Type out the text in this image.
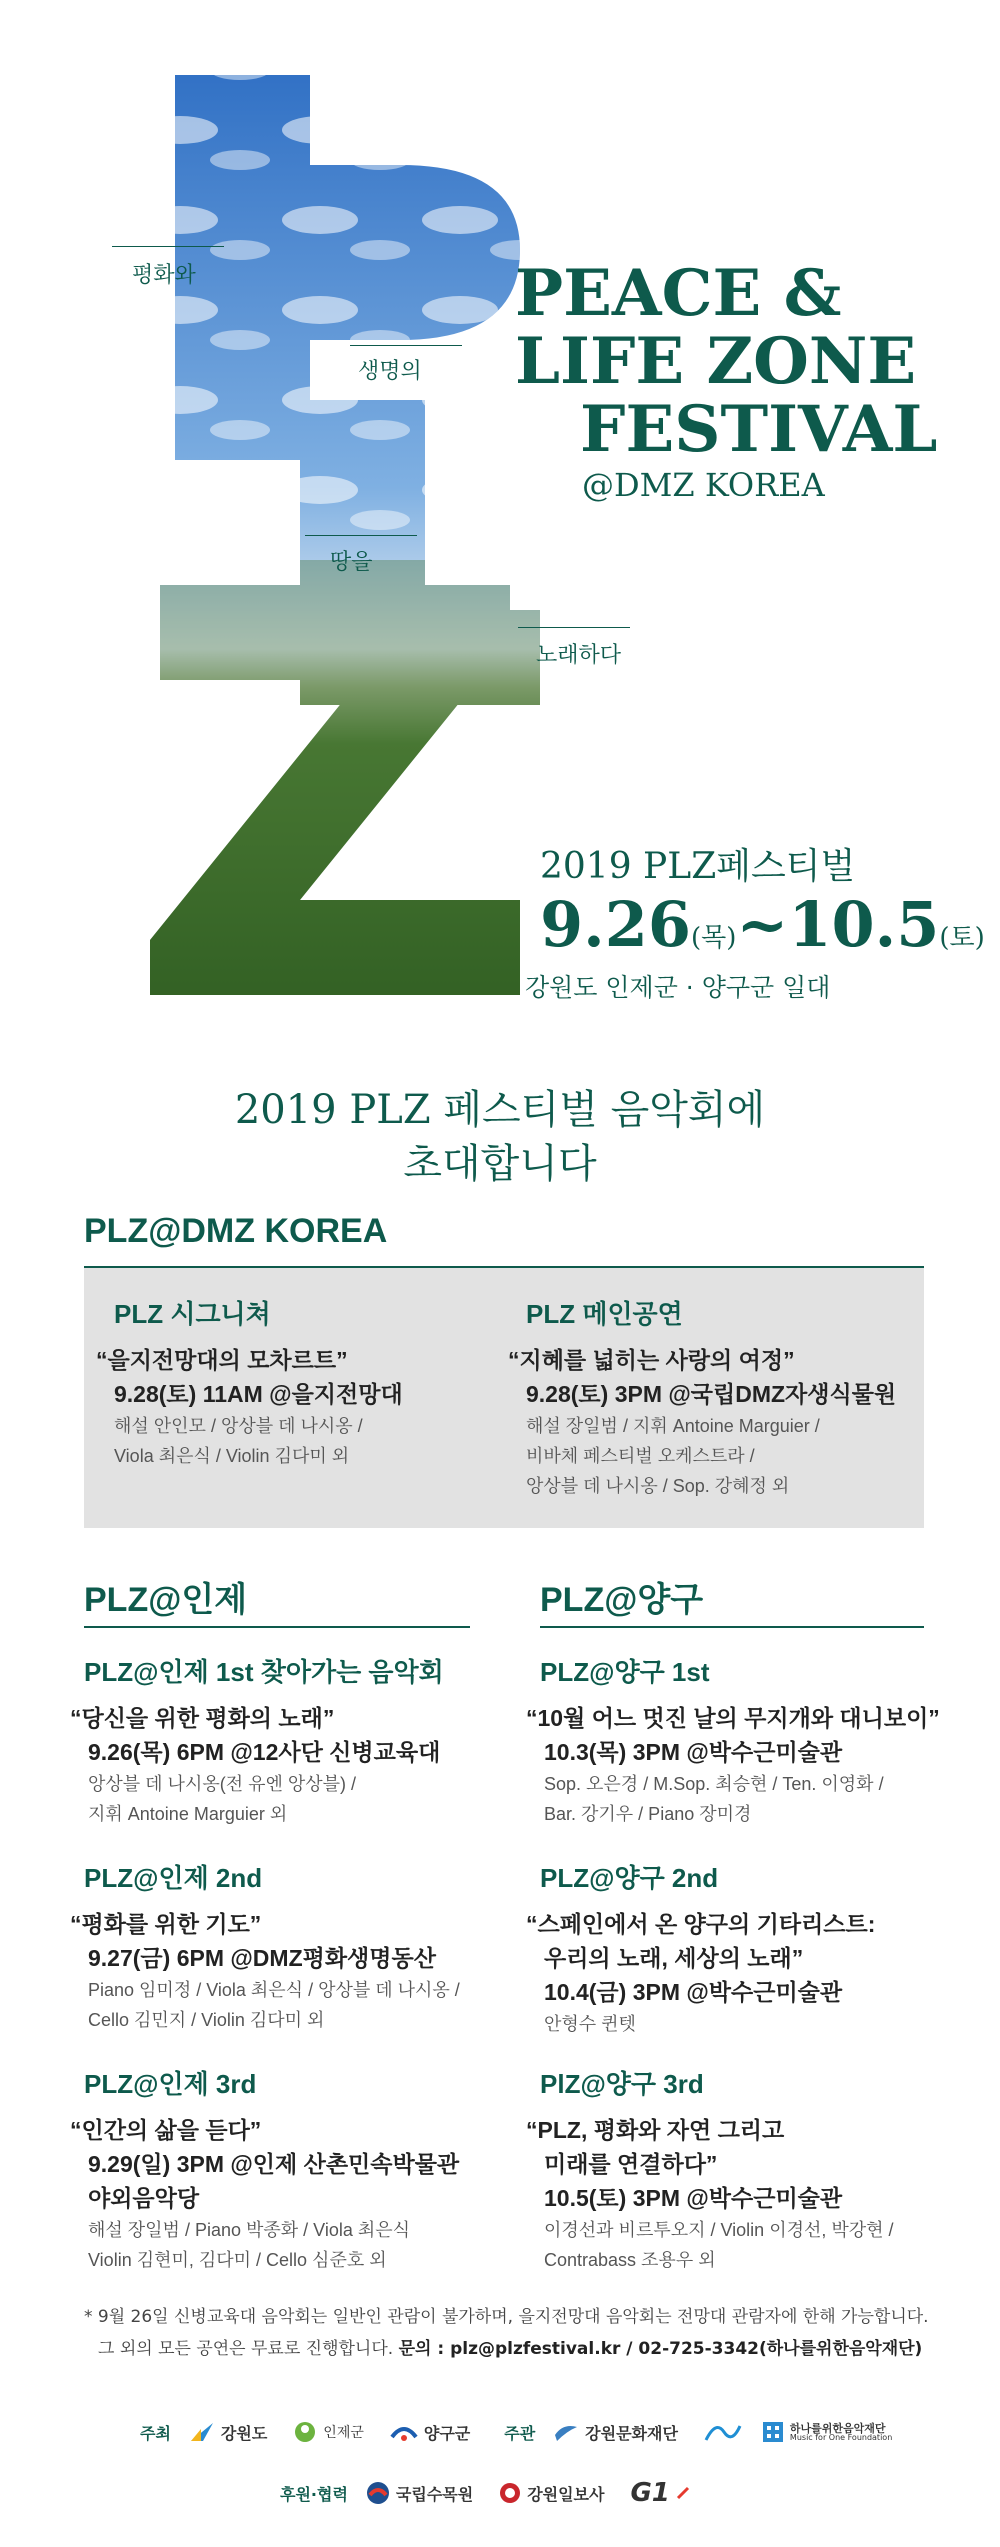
평화와
생명의
땅을
노래하다
PEACE &
LIFE ZONE
FESTIVAL
@DMZ KOREA
2019 PLZ페스티벌
9.26(목)~10.5(토)
강원도 인제군 · 양구군 일대
2019 PLZ 페스티벌 음악회에
초대합니다
PLZ@DMZ KOREA
PLZ 시그니쳐
“을지전망대의 모차르트”
9.28(토) 11AM @을지전망대
해설 안인모 / 앙상블 데 나시옹 /
Viola 최은식 / Violin 김다미 외
PLZ 메인공연
“지혜를 넓히는 사랑의 여정”
9.28(토) 3PM @국립DMZ자생식물원
해설 장일범 / 지휘 Antoine Marguier /
비바체 페스티벌 오케스트라 /
앙상블 데 나시옹 / Sop. 강혜정 외
PLZ@인제	PLZ@양구
PLZ@인제 1st 찾아가는 음악회
“당신을 위한 평화의 노래”
9.26(목) 6PM @12사단 신병교육대
앙상블 데 나시옹(전 유엔 앙상블) /
지휘 Antoine Marguier 외
PLZ@인제 2nd
“평화를 위한 기도”
9.27(금) 6PM @DMZ평화생명동산
Piano 임미정 / Viola 최은식 / 앙상블 데 나시옹 /
Cello 김민지 / Violin 김다미 외
PLZ@인제 3rd
“인간의 삶을 듣다”
9.29(일) 3PM @인제 산촌민속박물관
야외음악당
해설 장일범 / Piano 박종화 / Viola 최은식
Violin 김현미, 김다미 / Cello 심준호 외
PLZ@양구 1st
“10월 어느 멋진 날의 무지개와 대니보이”
10.3(목) 3PM @박수근미술관
Sop. 오은경 / M.Sop. 최승현 / Ten. 이영화 /
Bar. 강기우 / Piano 장미경
PLZ@양구 2nd
“스페인에서 온 양구의 기타리스트:
우리의 노래, 세상의 노래”
10.4(금) 3PM @박수근미술관
안형수 퀸텟
PlZ@양구 3rd
“PLZ, 평화와 자연 그리고
미래를 연결하다”
10.5(토) 3PM @박수근미술관
이경선과 비르투오지 / Violin 이경선, 박강현 /
Contrabass 조용우 외
* 9월 26일 신병교육대 음악회는 일반인 관람이 불가하며, 을지전망대 음악회는 전망대 관람자에 한해 가능합니다.
그 외의 모든 공연은 무료로 진행합니다. 문의 : plz@plzfestival.kr / 02-725-3342(하나를위한음악재단)
주최	강원도	인제군	양구군 주관	강원문화재단	하나를위한음악재단
Music for One Foundation
후원·협력	국립수목원	강원일보사 G1
